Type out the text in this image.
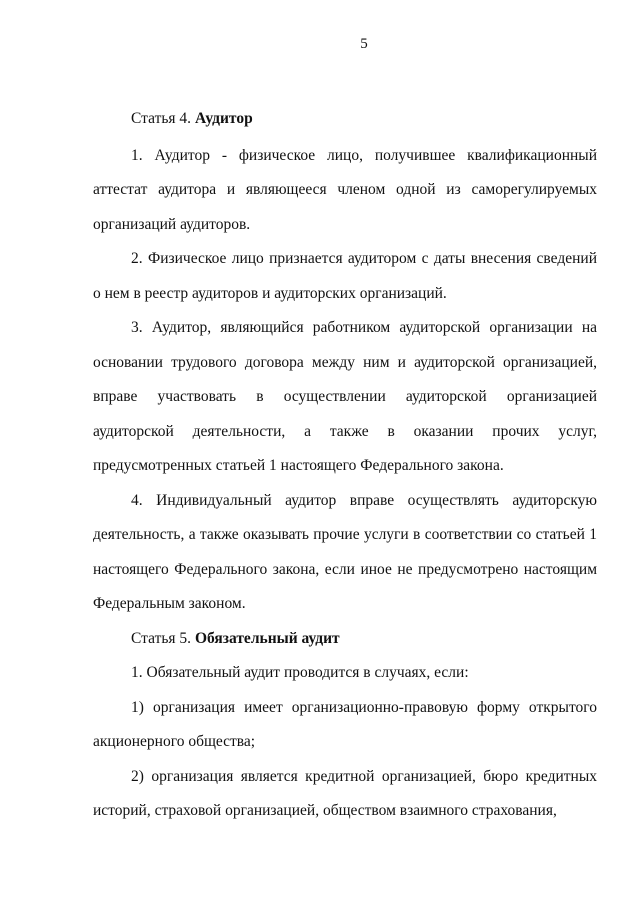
5

Статья 4. Аудитор

1. Аудитор - физическое лицо, получившее квалификационный аттестат аудитора и являющееся членом одной из саморегулируемых организаций аудиторов.

2. Физическое лицо признается аудитором с даты внесения сведений о нем в реестр аудиторов и аудиторских организаций.

3. Аудитор, являющийся работником аудиторской организации на основании трудового договора между ним и аудиторской организацией, вправе участвовать в осуществлении аудиторской организацией аудиторской деятельности, а также в оказании прочих услуг, предусмотренных статьей 1 настоящего Федерального закона.

4. Индивидуальный аудитор вправе осуществлять аудиторскую деятельность, а также оказывать прочие услуги в соответствии со статьей 1 настоящего Федерального закона, если иное не предусмотрено настоящим Федеральным законом.

Статья 5. Обязательный аудит

1. Обязательный аудит проводится в случаях, если:

1) организация имеет организационно-правовую форму открытого акционерного общества;

2) организация является кредитной организацией, бюро кредитных историй, страховой организацией, обществом взаимного страхования,
